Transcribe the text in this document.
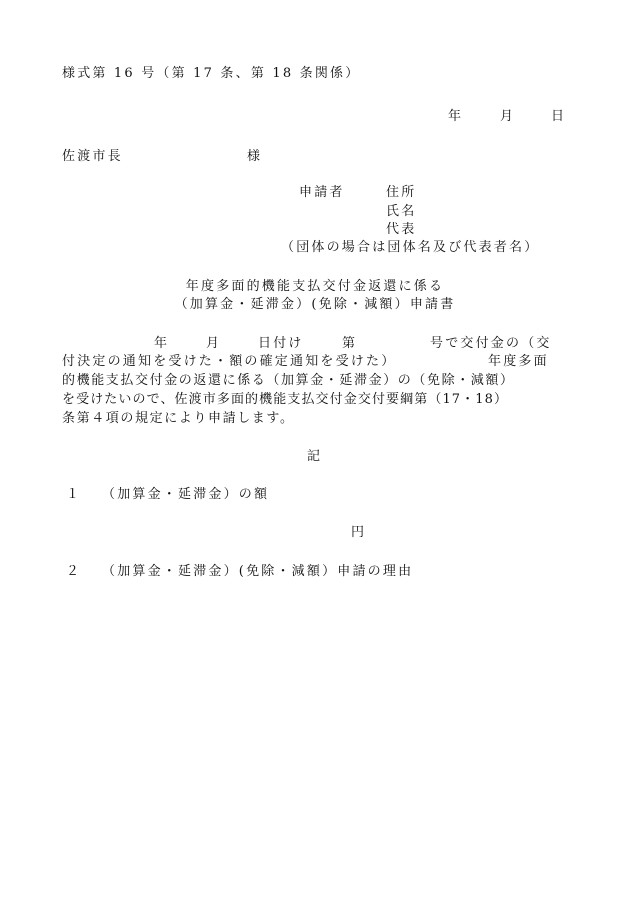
様式第 16 号（第 17 条、第 18 条関係）
年	月	日
佐渡市長	様
申請者	住所
氏名
代表
（団体の場合は団体名及び代表者名）
年度多面的機能支払交付金返還に係る
（加算金・延滞金）(免除・減額）申請書
年	月	日付け	第	号で交付金の（交
付決定の通知を受けた・額の確定通知を受けた）	年度多面
的機能支払交付金の返還に係る（加算金・延滞金）の（免除・減額）
を受けたいので、佐渡市多面的機能支払交付金交付要綱第（17・18）
条第４項の規定により申請します。
記
１ （加算金・延滞金）の額
円
２ （加算金・延滞金）(免除・減額）申請の理由
